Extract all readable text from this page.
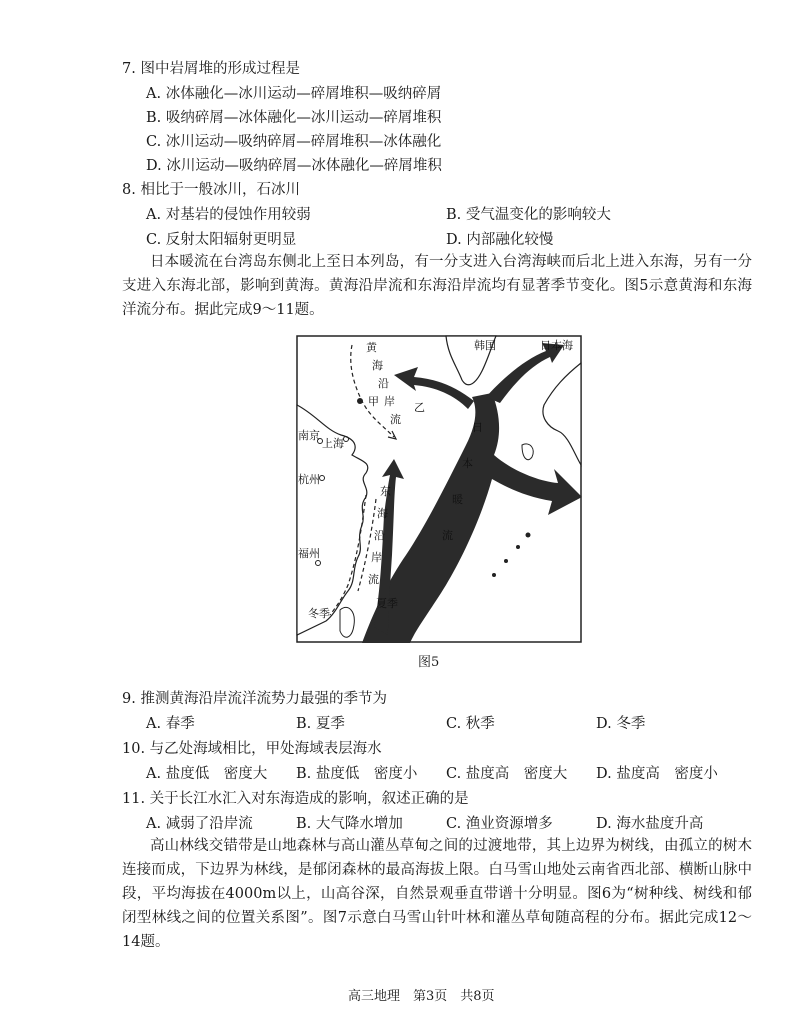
7. 图中岩屑堆的形成过程是
A. 冰体融化—冰川运动—碎屑堆积—吸纳碎屑
B. 吸纳碎屑—冰体融化—冰川运动—碎屑堆积
C. 冰川运动—吸纳碎屑—碎屑堆积—冰体融化
D. 冰川运动—吸纳碎屑—冰体融化—碎屑堆积
8. 相比于一般冰川，石冰川
A. 对基岩的侵蚀作用较弱	B. 受气温变化的影响较大
C. 反射太阳辐射更明显	D. 内部融化较慢
日本暖流在台湾岛东侧北上至日本列岛，有一分支进入台湾海峡而后北上进入东海，另有一分支进入东海北部，影响到黄海。黄海沿岸流和东海沿岸流均有显著季节变化。图5示意黄海和东海洋流分布。据此完成9～11题。
韩国	日本海
南京
上海
杭州
福州
甲	乙
冬季
夏季
黄
海
沿
岸
流
日
本
暖
流
东
海
沿
岸
流
图5
9. 推测黄海沿岸流洋流势力最强的季节为
A. 春季	B. 夏季	C. 秋季	D. 冬季
10. 与乙处海域相比，甲处海域表层海水
A. 盐度低　密度大	B. 盐度低　密度小	C. 盐度高　密度大	D. 盐度高　密度小
11. 关于长江水汇入对东海造成的影响，叙述正确的是
A. 减弱了沿岸流	B. 大气降水增加	C. 渔业资源增多	D. 海水盐度升高
高山林线交错带是山地森林与高山灌丛草甸之间的过渡地带，其上边界为树线，由孤立的树木连接而成，下边界为林线，是郁闭森林的最高海拔上限。白马雪山地处云南省西北部、横断山脉中段，平均海拔在4000m以上，山高谷深，自然景观垂直带谱十分明显。图6为“树种线、树线和郁闭型林线之间的位置关系图”。图7示意白马雪山针叶林和灌丛草甸随高程的分布。据此完成12～14题。
高三地理　第3页　共8页
